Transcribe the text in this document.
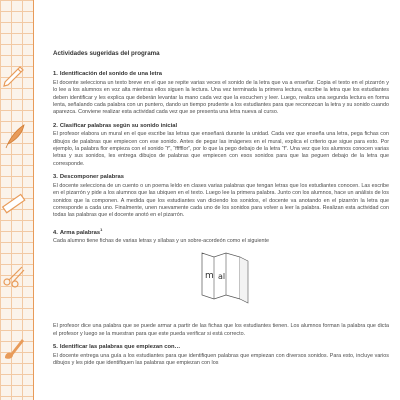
Actividades sugeridas del programa
1. Identificación del sonido de una letra

El docente selecciona un texto breve en el que se repite varias veces el sonido de la letra que va a enseñar. Copia el texto en el pizarrón y lo lee a los alumnos en voz alta mientras ellos siguen la lectura. Una vez terminada la primera lectura, escribe la letra que los estudiantes deben identificar y les explica que deberán levantar la mano cada vez que la escuchen y leer. Luego, realiza una segunda lectura en forma lenta, señalando cada palabra con un puntero, dando un tiempo prudente a los estudiantes para que reconozcan la letra y su sonido cuando aparezca. Conviene realizar esta actividad cada vez que se presenta una letra nueva al curso.

2. Clasificar palabras según su sonido inicial

El profesor elabora un mural en el que escribe las letras que enseñará durante la unidad. Cada vez que enseña una letra, pega fichas con dibujos de palabras que empiecen con ese sonido. Antes de pegar las imágenes en el mural, explica el criterio que sigue para esto. Por ejemplo, la palabra flor empieza con el sonido “f”, “ffffflor”, por lo que la pego debajo de la letra “f”. Una vez que los alumnos conocen varias letras y sus sonidos, les entrega dibujos de palabras que empiecen con esos sonidos para que las peguen debajo de la letra que corresponde.

3. Descomponer palabras

El docente selecciona de un cuento o un poema leído en clases varias palabras que tengan letras que los estudiantes conocen. Las escribe en el pizarrón y pide a los alumnos que las ubiquen en el texto. Luego lee la primera palabra. Junto con los alumnos, hace un análisis de los sonidos que la componen. A medida que los estudiantes van diciendo los sonidos, el docente va anotando en el pizarrón la letra que corresponde a cada uno. Finalmente, unen nuevamente cada uno de los sonidos para volver a leer la palabra. Realizan esta actividad con todas las palabras que el docente anotó en el pizarrón.

4. Arma palabras$^1$

Cada alumno tiene fichas de varias letras y sílabas y un sobre-acordeón como el siguiente

m al

El profesor dice una palabra que se puede armar a partir de las fichas que los estudiantes tienen. Los alumnos forman la palabra que dicta el profesor y luego se la muestran para que este pueda verificar si está correcto.

5. Identificar las palabras que empiezan con…

El docente entrega una guía a los estudiantes para que identifiquen palabras que empiezan con diversos sonidos. Para esto, incluye varios dibujos y les pide que identifiquen las palabras que empiezan con los
